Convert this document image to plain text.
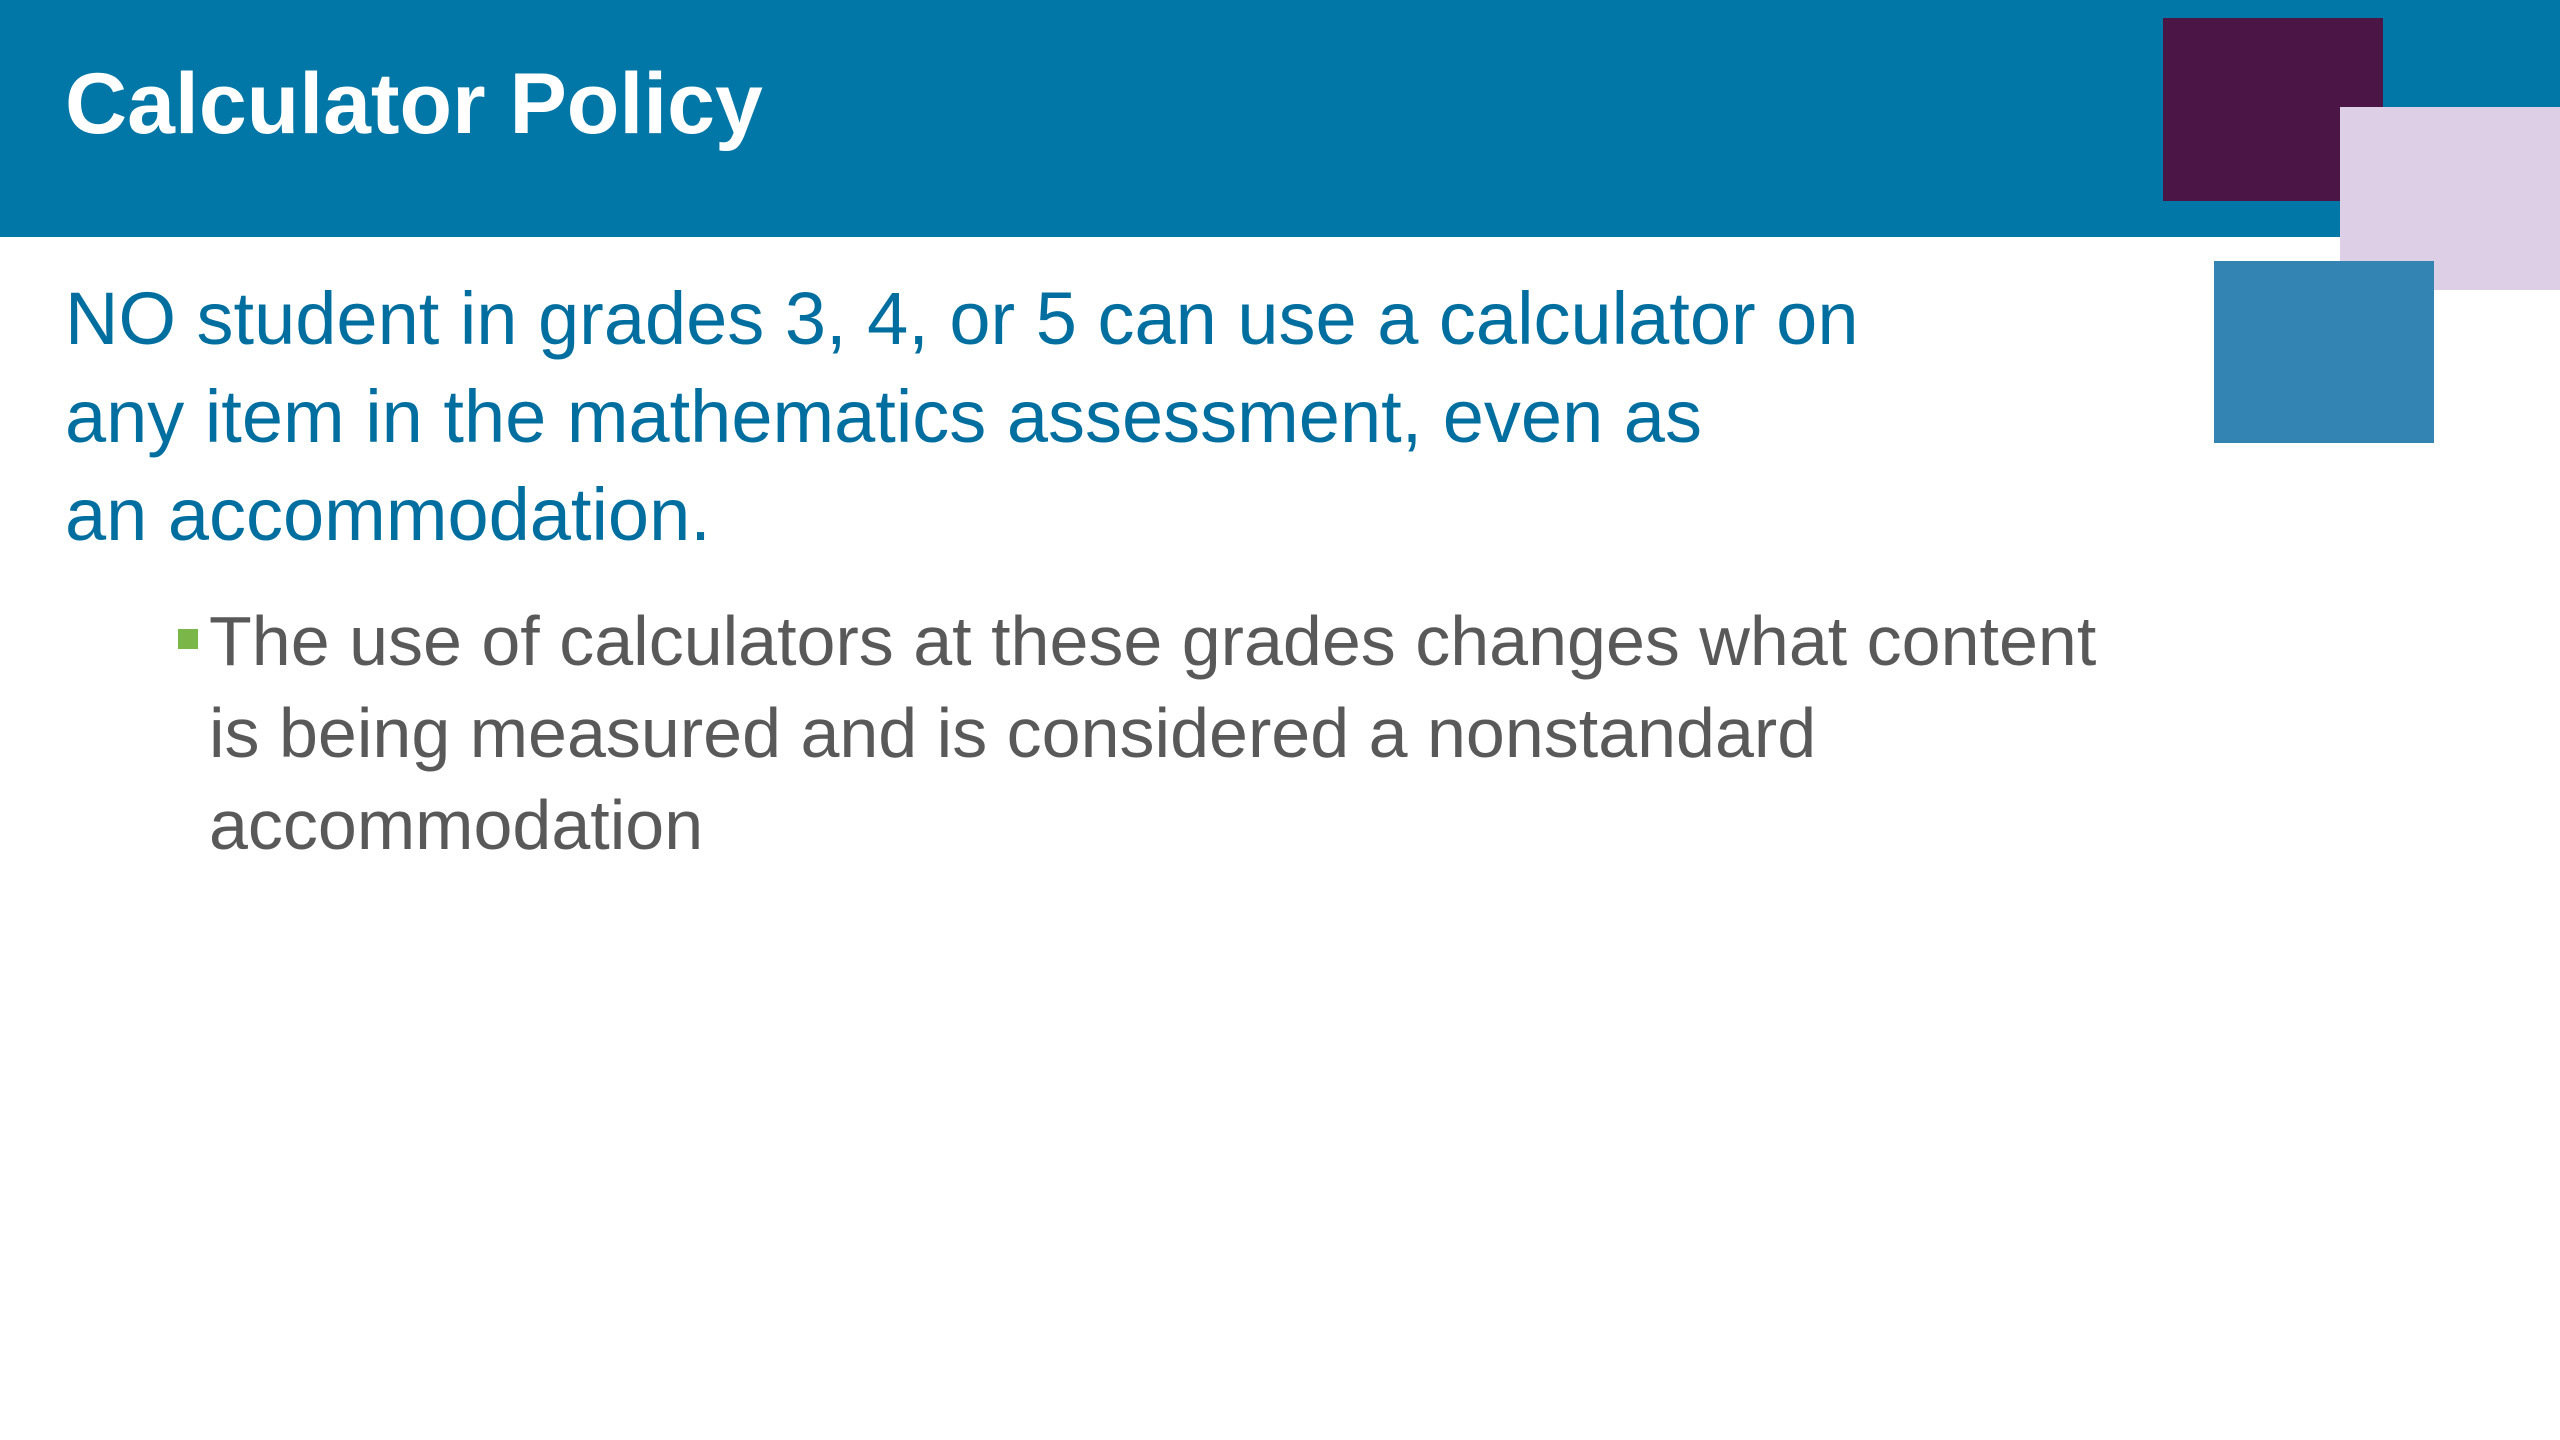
Calculator Policy

NO student in grades 3, 4, or 5 can use a calculator on
any item in the mathematics assessment, even as
an accommodation.

The use of calculators at these grades changes what content
is being measured and is considered a nonstandard
accommodation
